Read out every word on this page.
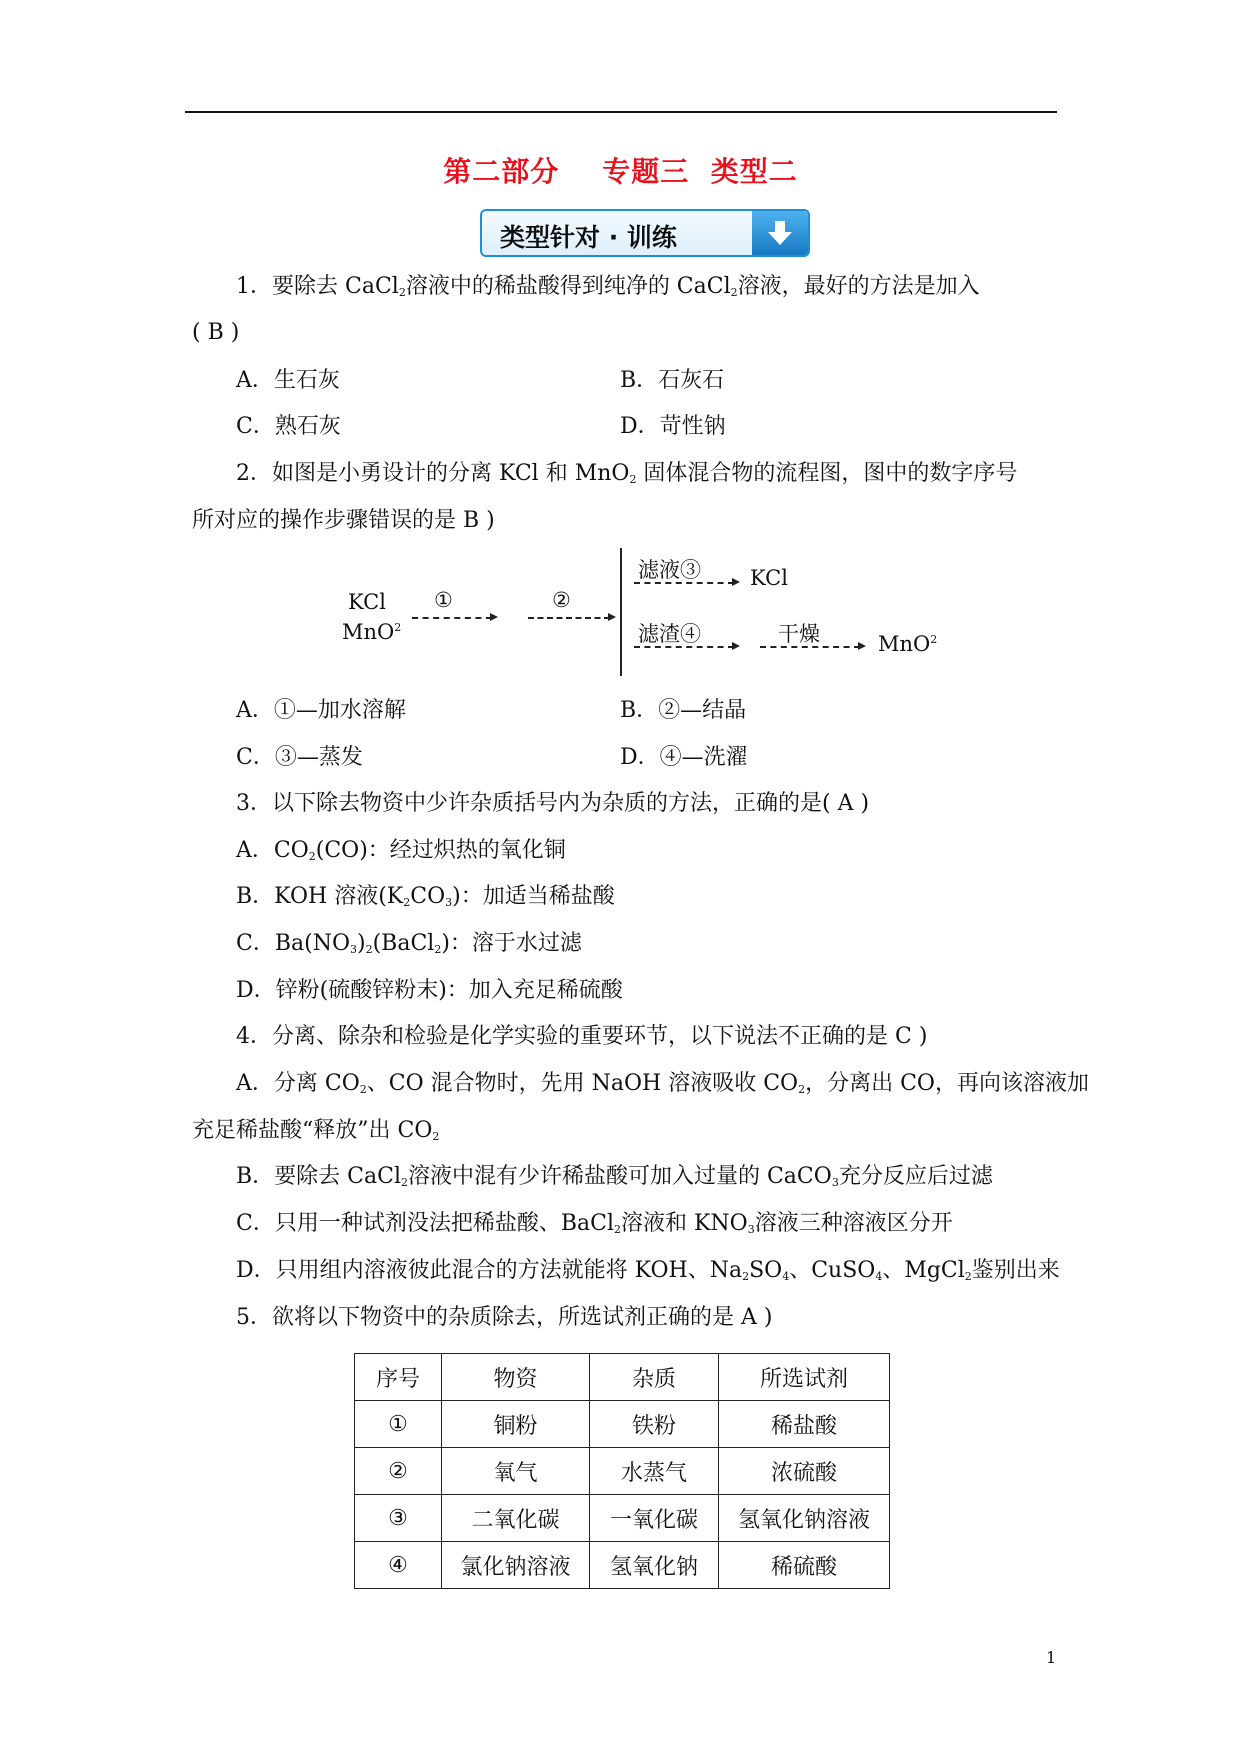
第二部分    专题三  类型二
类型针对 · 训练
1．要除去 CaCl$_2$溶液中的稀盐酸得到纯净的 CaCl$_2$溶液，最好的方法是加入
( B )
A．生石灰	B．石灰石
C．熟石灰	D．苛性钠
2．如图是小勇设计的分离 KCl 和 MnO$_2$ 固体混合物的流程图，图中的数字序号
所对应的操作步骤错误的是 B )
KCl
MnO$^2$
①	②
滤液③ KCl
滤渣④	干燥	MnO$^2$
A．①—加水溶解	B．②—结晶
C．③—蒸发	D．④—洗濯
3．以下除去物资中少许杂质括号内为杂质的方法，正确的是( A )
A．$CO_2(CO)$：经过炽热的氧化铜
B．KOH 溶液$(K_2CO_3)$：加适当稀盐酸
C．$Ba(NO_3)_2(BaCl_2)$：溶于水过滤
D．锌粉(硫酸锌粉末)：加入充足稀硫酸
4．分离、除杂和检验是化学实验的重要环节，以下说法不正确的是 C )
A．分离 $CO_2$、CO 混合物时，先用 NaOH 溶液吸收 $CO_2$，分离出 CO，再向该溶液加
充足稀盐酸“释放”出 $CO_2$
B．要除去 CaCl$_2$溶液中混有少许稀盐酸可加入过量的 CaCO$_3$充分反应后过滤
C．只用一种试剂没法把稀盐酸、BaCl$_2$溶液和 $KNO_3$溶液三种溶液区分开
D．只用组内溶液彼此混合的方法就能将 KOH、$Na_2SO_4$、CuSO$_4$、MgCl$_2$鉴别出来
5．欲将以下物资中的杂质除去，所选试剂正确的是 A )
序号	物资	杂质	所选试剂
①	铜粉	铁粉	稀盐酸
②	氧气	水蒸气	浓硫酸
③	二氧化碳	一氧化碳	氢氧化钠溶液
④	氯化钠溶液	氢氧化钠	稀硫酸
1
